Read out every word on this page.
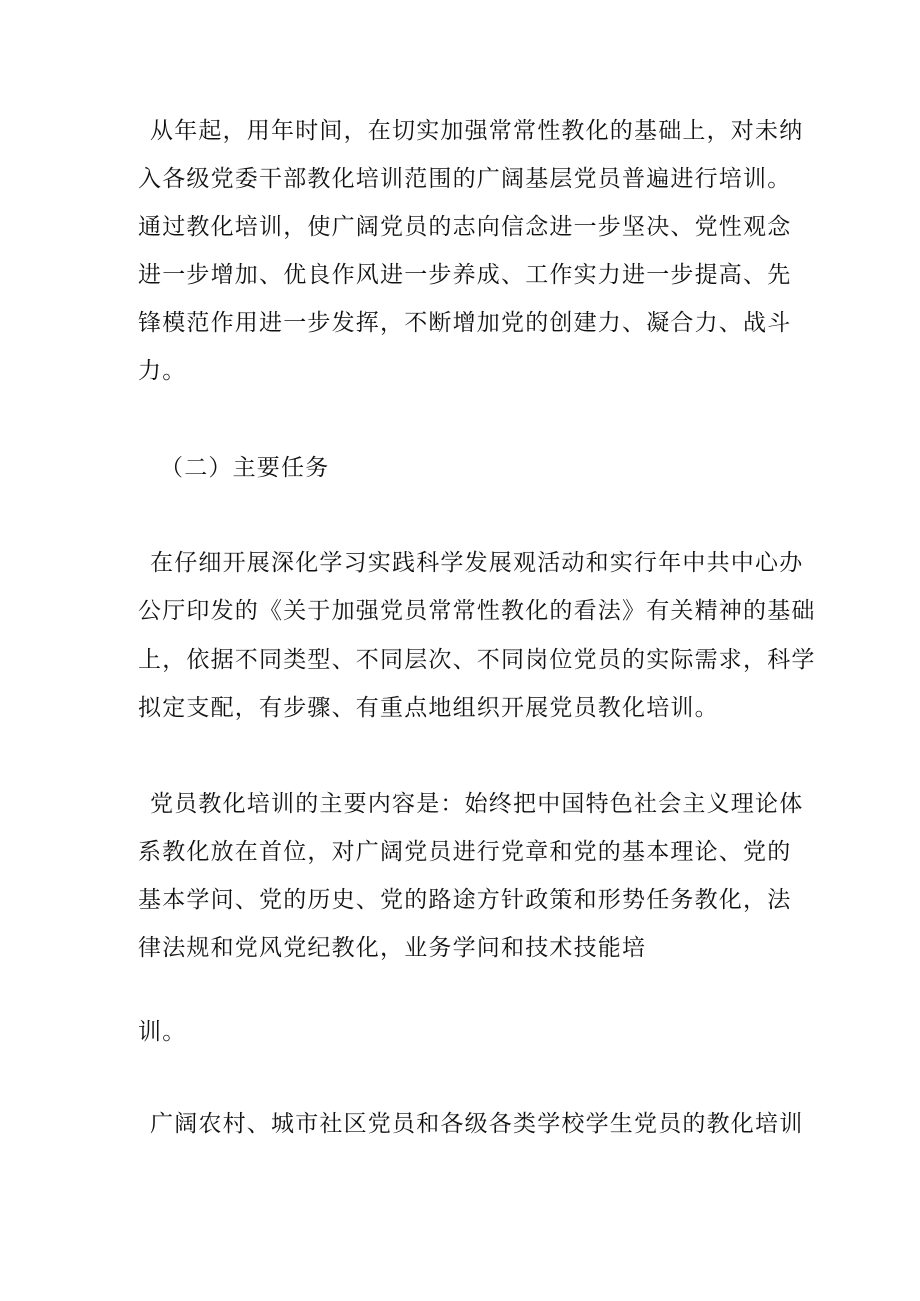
从年起，用年时间，在切实加强常常性教化的基础上，对未纳
入各级党委干部教化培训范围的广阔基层党员普遍进行培训。
通过教化培训，使广阔党员的志向信念进一步坚决、党性观念
进一步增加、优良作风进一步养成、工作实力进一步提高、先
锋模范作用进一步发挥，不断增加党的创建力、凝合力、战斗
力。
（二）主要任务
在仔细开展深化学习实践科学发展观活动和实行年中共中心办
公厅印发的《关于加强党员常常性教化的看法》有关精神的基础
上，依据不同类型、不同层次、不同岗位党员的实际需求，科学
拟定支配，有步骤、有重点地组织开展党员教化培训。
党员教化培训的主要内容是：始终把中国特色社会主义理论体
系教化放在首位，对广阔党员进行党章和党的基本理论、党的
基本学问、党的历史、党的路途方针政策和形势任务教化，法
律法规和党风党纪教化，业务学问和技术技能培
训。
广阔农村、城市社区党员和各级各类学校学生党员的教化培训
